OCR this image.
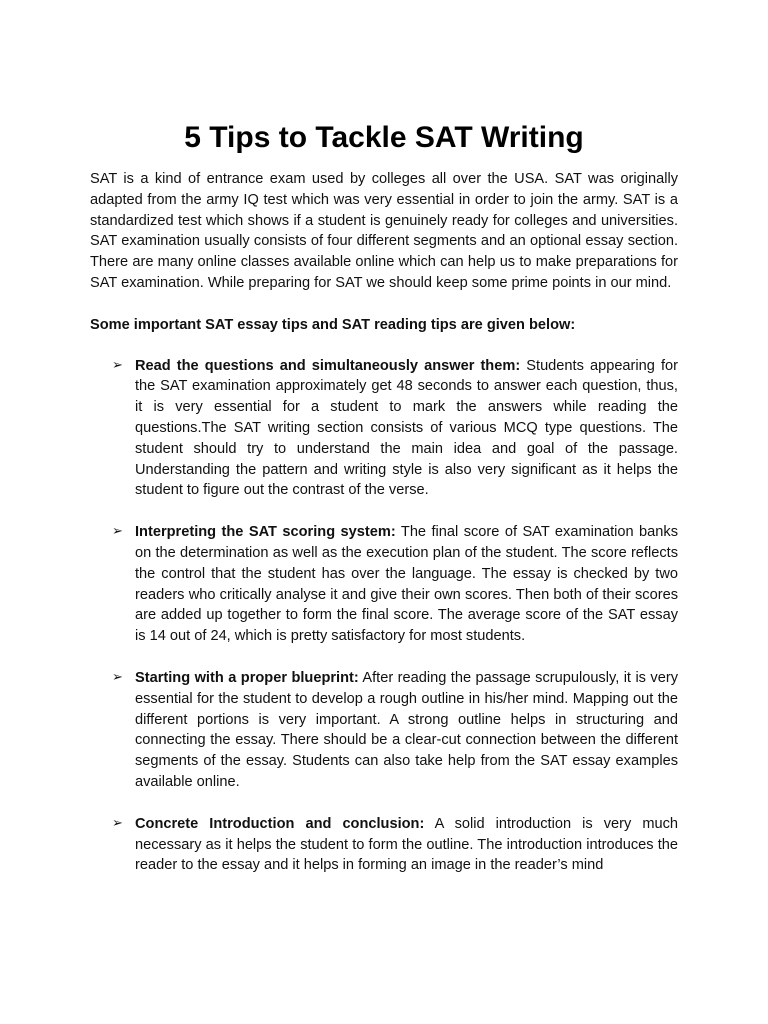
5 Tips to Tackle SAT Writing

SAT is a kind of entrance exam used by colleges all over the USA. SAT was originally adapted from the army IQ test which was very essential in order to join the army. SAT is a standardized test which shows if a student is genuinely ready for colleges and universities. SAT examination usually consists of four different segments and an optional essay section. There are many online classes available online which can help us to make preparations for SAT examination. While preparing for SAT we should keep some prime points in our mind.

Some important SAT essay tips and SAT reading tips are given below:

➢ Read the questions and simultaneously answer them: Students appearing for the SAT examination approximately get 48 seconds to answer each question, thus, it is very essential for a student to mark the answers while reading the questions.The SAT writing section consists of various MCQ type questions. The student should try to understand the main idea and goal of the passage. Understanding the pattern and writing style is also very significant as it helps the student to figure out the contrast of the verse.

➢ Interpreting the SAT scoring system: The final score of SAT examination banks on the determination as well as the execution plan of the student. The score reflects the control that the student has over the language. The essay is checked by two readers who critically analyse it and give their own scores. Then both of their scores are added up together to form the final score. The average score of the SAT essay is 14 out of 24, which is pretty satisfactory for most students.

➢ Starting with a proper blueprint: After reading the passage scrupulously, it is very essential for the student to develop a rough outline in his/her mind. Mapping out the different portions is very important. A strong outline helps in structuring and connecting the essay. There should be a clear-cut connection between the different segments of the essay. Students can also take help from the SAT essay examples available online.

➢ Concrete Introduction and conclusion: A solid introduction is very much necessary as it helps the student to form the outline. The introduction introduces the reader to the essay and it helps in forming an image in the reader’s mind
